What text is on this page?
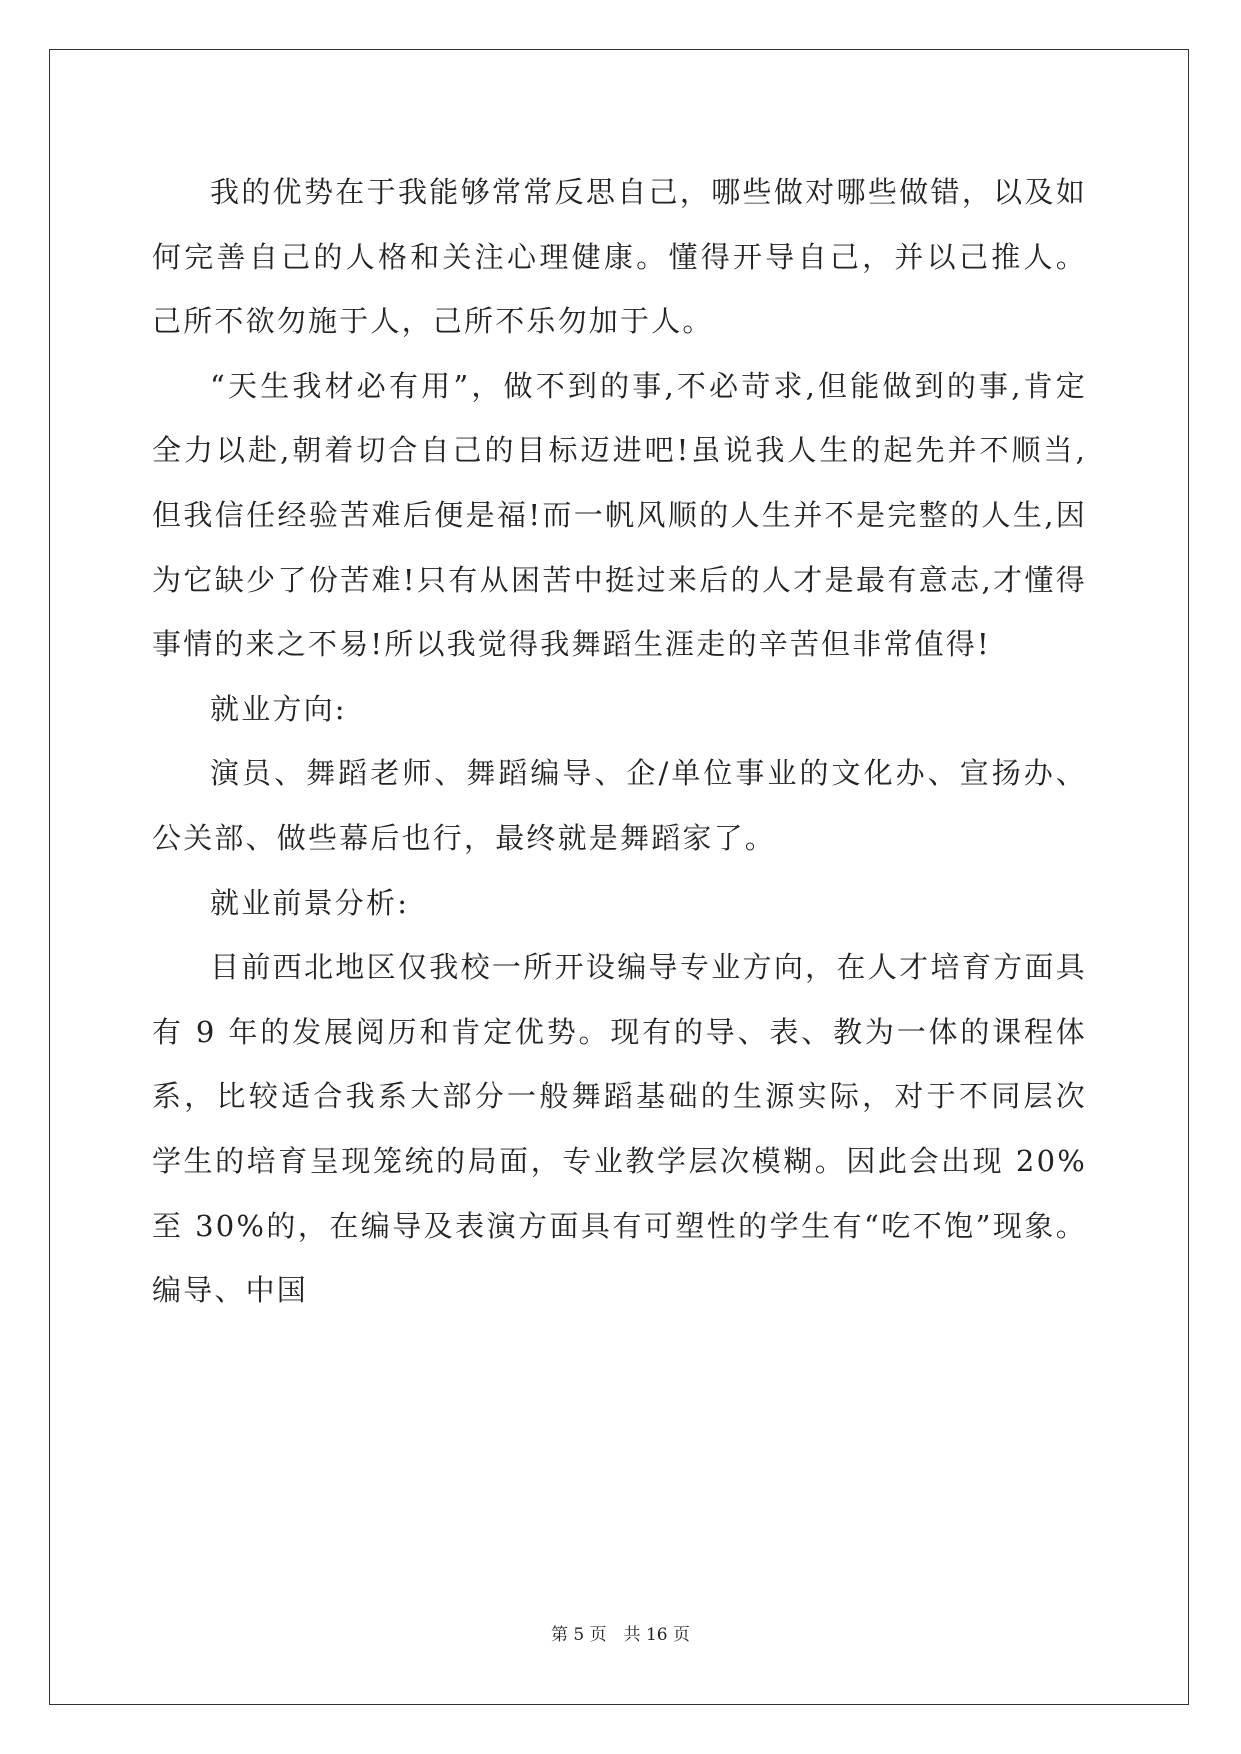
我的优势在于我能够常常反思自己，哪些做对哪些做错，以及如何完善自己的人格和关注心理健康。懂得开导自己，并以己推人。己所不欲勿施于人，己所不乐勿加于人。

“天生我材必有用”，做不到的事,不必苛求,但能做到的事,肯定全力以赴,朝着切合自己的目标迈进吧!虽说我人生的起先并不顺当,但我信任经验苦难后便是福!而一帆风顺的人生并不是完整的人生,因为它缺少了份苦难!只有从困苦中挺过来后的人才是最有意志,才懂得事情的来之不易!所以我觉得我舞蹈生涯走的辛苦但非常值得!

就业方向:

演员、舞蹈老师、舞蹈编导、企/单位事业的文化办、宣扬办、公关部、做些幕后也行，最终就是舞蹈家了。

就业前景分析:

目前西北地区仅我校一所开设编导专业方向，在人才培育方面具有 9 年的发展阅历和肯定优势。现有的导、表、教为一体的课程体系，比较适合我系大部分一般舞蹈基础的生源实际，对于不同层次学生的培育呈现笼统的局面，专业教学层次模糊。因此会出现 20%至 30%的，在编导及表演方面具有可塑性的学生有“吃不饱”现象。编导、中国

第 5 页　共 16 页
